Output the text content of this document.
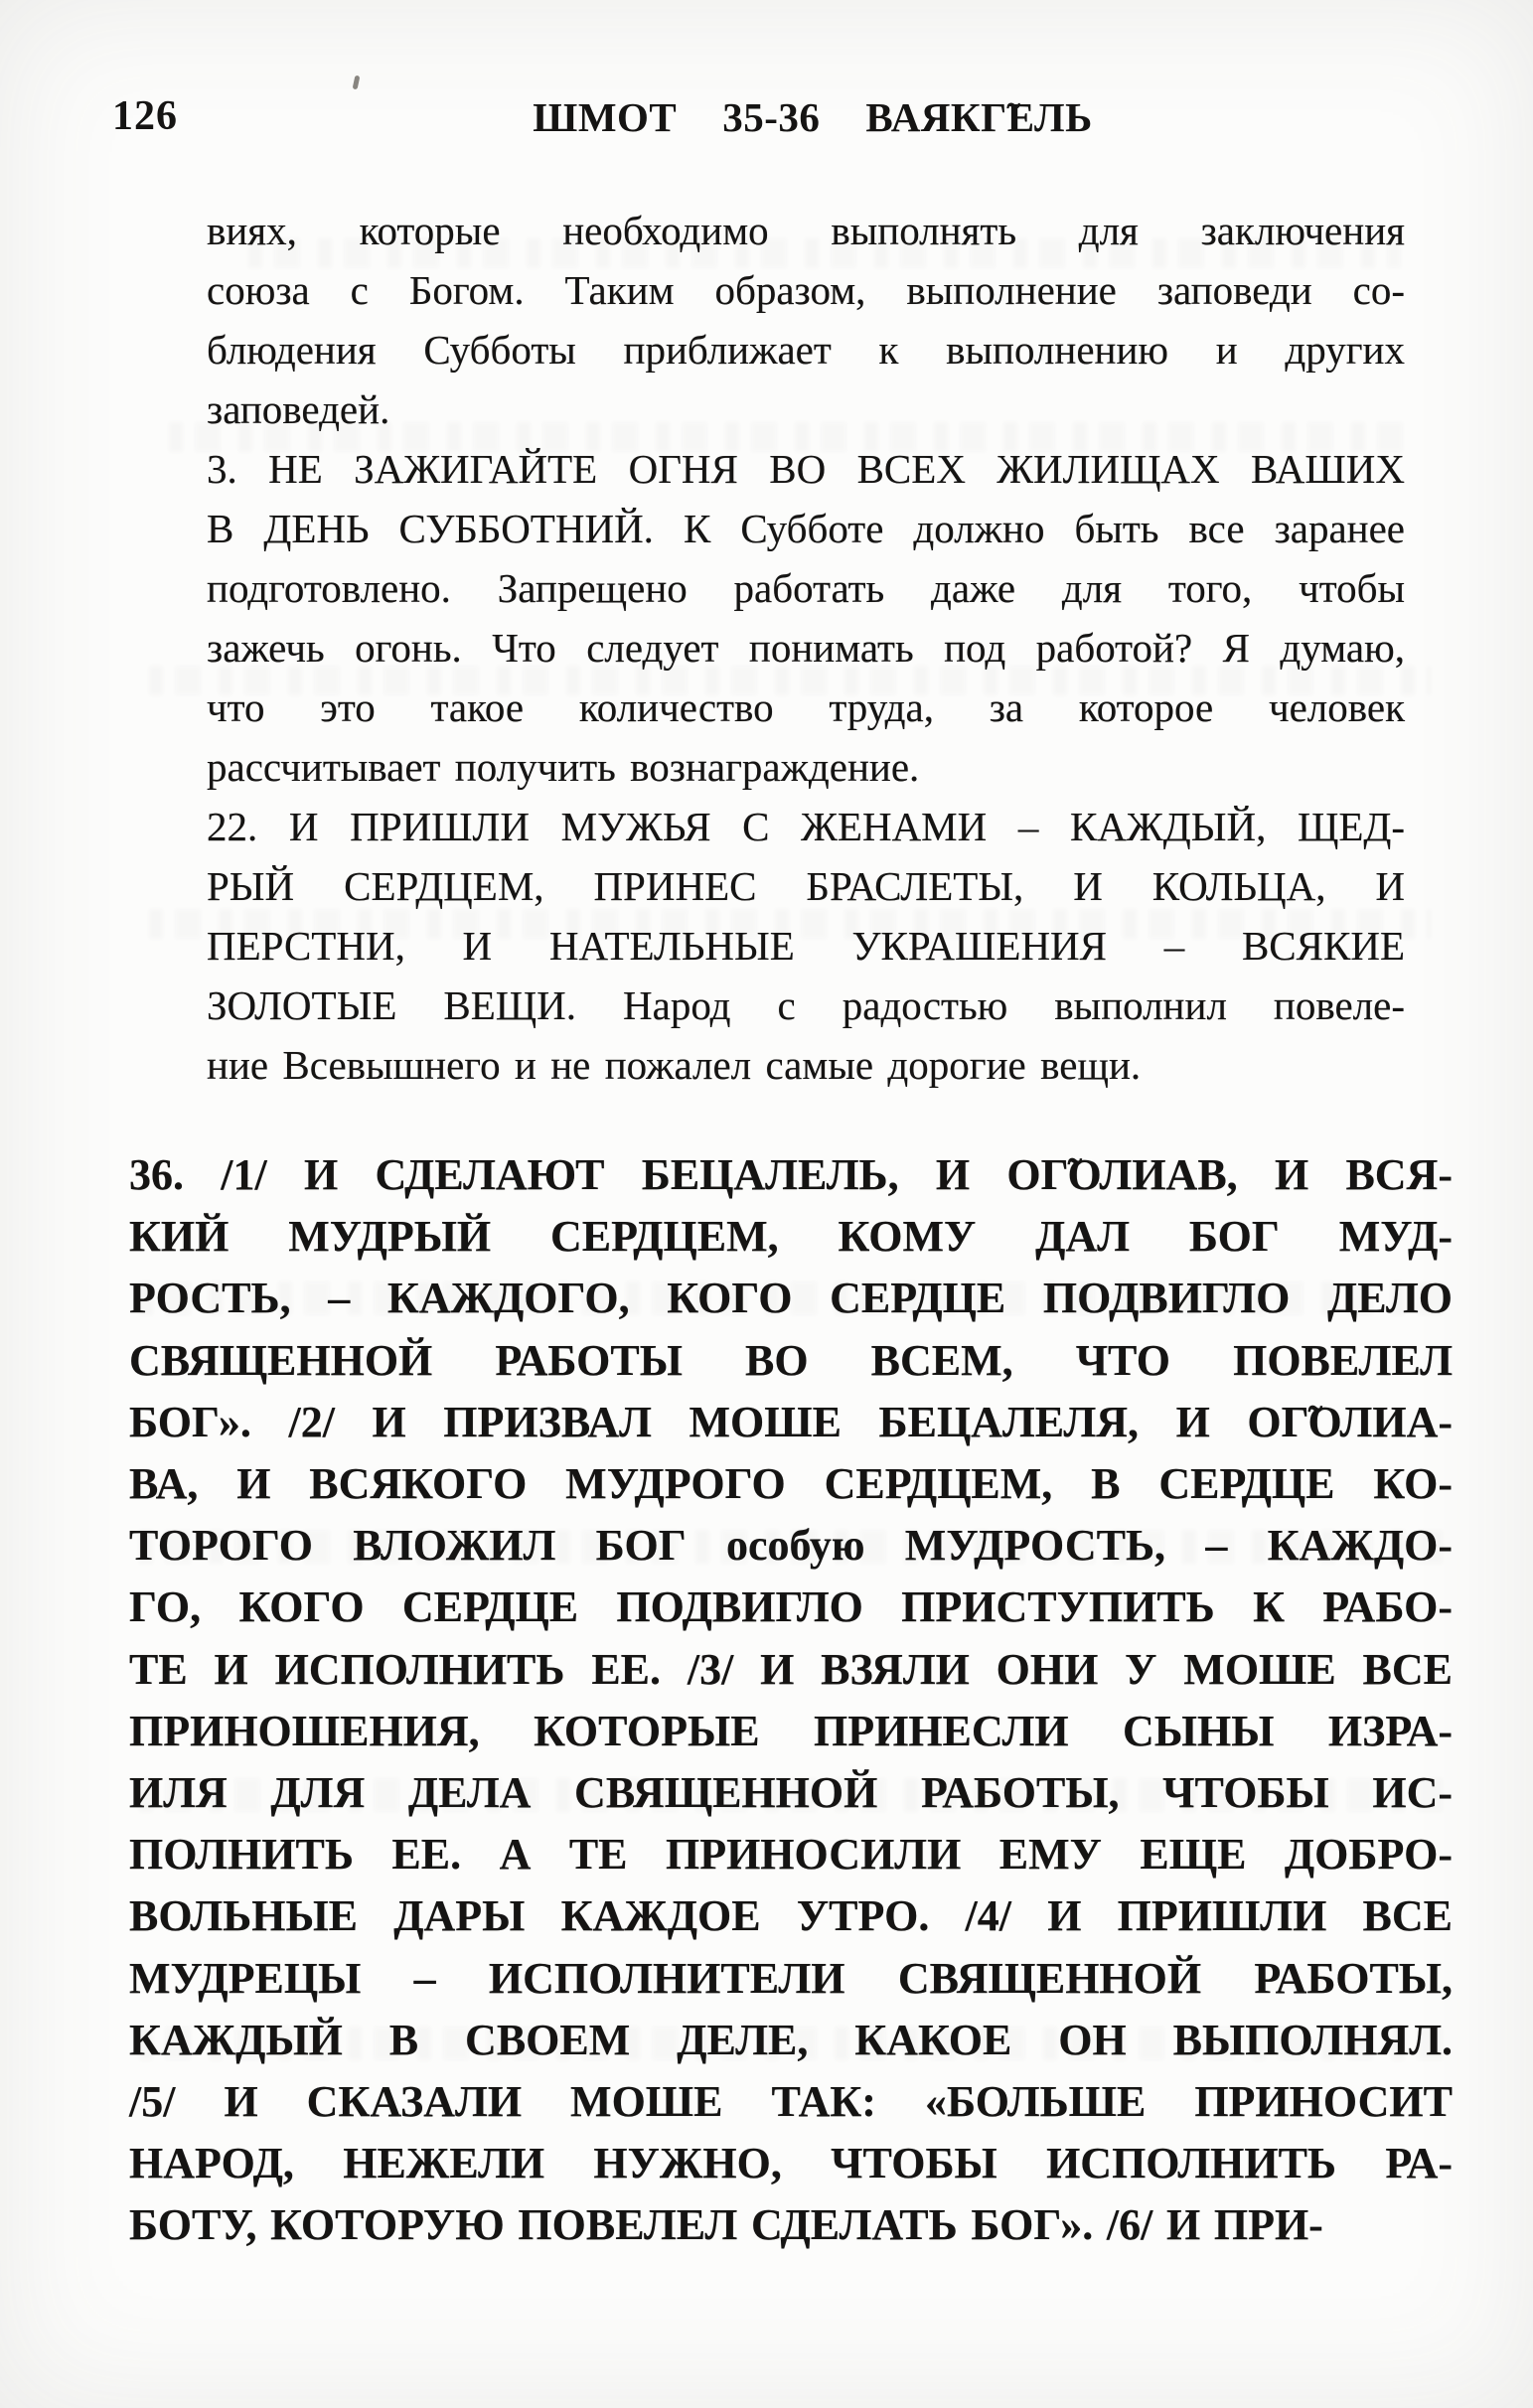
126	ШМОТ 35-36 ВАЯКГ̃ЕЛЬ
виях, которые необходимо выполнять для заключения
союза с Богом. Таким образом, выполнение заповеди со-
блюдения Субботы приближает к выполнению и других
заповедей.
3. НЕ ЗАЖИГАЙТЕ ОГНЯ ВО ВСЕХ ЖИЛИЩАХ ВАШИХ
В ДЕНЬ СУББОТНИЙ. К Субботе должно быть все заранее
подготовлено. Запрещено работать даже для того, чтобы
зажечь огонь. Что следует понимать под работой? Я думаю,
что это такое количество труда, за которое человек
рассчитывает получить вознаграждение.
22. И ПРИШЛИ МУЖЬЯ С ЖЕНАМИ – КАЖДЫЙ, ЩЕД-
РЫЙ СЕРДЦЕМ, ПРИНЕС БРАСЛЕТЫ, И КОЛЬЦА, И
ПЕРСТНИ, И НАТЕЛЬНЫЕ УКРАШЕНИЯ – ВСЯКИЕ
ЗОЛОТЫЕ ВЕЩИ. Народ с радостью выполнил повеле-
ние Всевышнего и не пожалел самые дорогие вещи.
36. /1/ И СДЕЛАЮТ БЕЦАЛЕЛЬ, И ОГ̃ОЛИАВ, И ВСЯ-
КИЙ МУДРЫЙ СЕРДЦЕМ, КОМУ ДАЛ БОГ МУД-
РОСТЬ, – КАЖДОГО, КОГО СЕРДЦЕ ПОДВИГЛО ДЕЛО
СВЯЩЕННОЙ РАБОТЫ ВО ВСЕМ, ЧТО ПОВЕЛЕЛ
БОГ». /2/ И ПРИЗВАЛ МОШЕ БЕЦАЛЕЛЯ, И ОГ̃ОЛИА-
ВА, И ВСЯКОГО МУДРОГО СЕРДЦЕМ, В СЕРДЦЕ КО-
ТОРОГО ВЛОЖИЛ БОГ особую МУДРОСТЬ, – КАЖДО-
ГО, КОГО СЕРДЦЕ ПОДВИГЛО ПРИСТУПИТЬ К РАБО-
ТЕ И ИСПОЛНИТЬ ЕЕ. /3/ И ВЗЯЛИ ОНИ У МОШЕ ВСЕ
ПРИНОШЕНИЯ, КОТОРЫЕ ПРИНЕСЛИ СЫНЫ ИЗРА-
ИЛЯ ДЛЯ ДЕЛА СВЯЩЕННОЙ РАБОТЫ, ЧТОБЫ ИС-
ПОЛНИТЬ ЕЕ. А ТЕ ПРИНОСИЛИ ЕМУ ЕЩЕ ДОБРО-
ВОЛЬНЫЕ ДАРЫ КАЖДОЕ УТРО. /4/ И ПРИШЛИ ВСЕ
МУДРЕЦЫ – ИСПОЛНИТЕЛИ СВЯЩЕННОЙ РАБОТЫ,
КАЖДЫЙ В СВОЕМ ДЕЛЕ, КАКОЕ ОН ВЫПОЛНЯЛ.
/5/ И СКАЗАЛИ МОШЕ ТАК: «БОЛЬШЕ ПРИНОСИТ
НАРОД, НЕЖЕЛИ НУЖНО, ЧТОБЫ ИСПОЛНИТЬ РА-
БОТУ, КОТОРУЮ ПОВЕЛЕЛ СДЕЛАТЬ БОГ». /6/ И ПРИ-
